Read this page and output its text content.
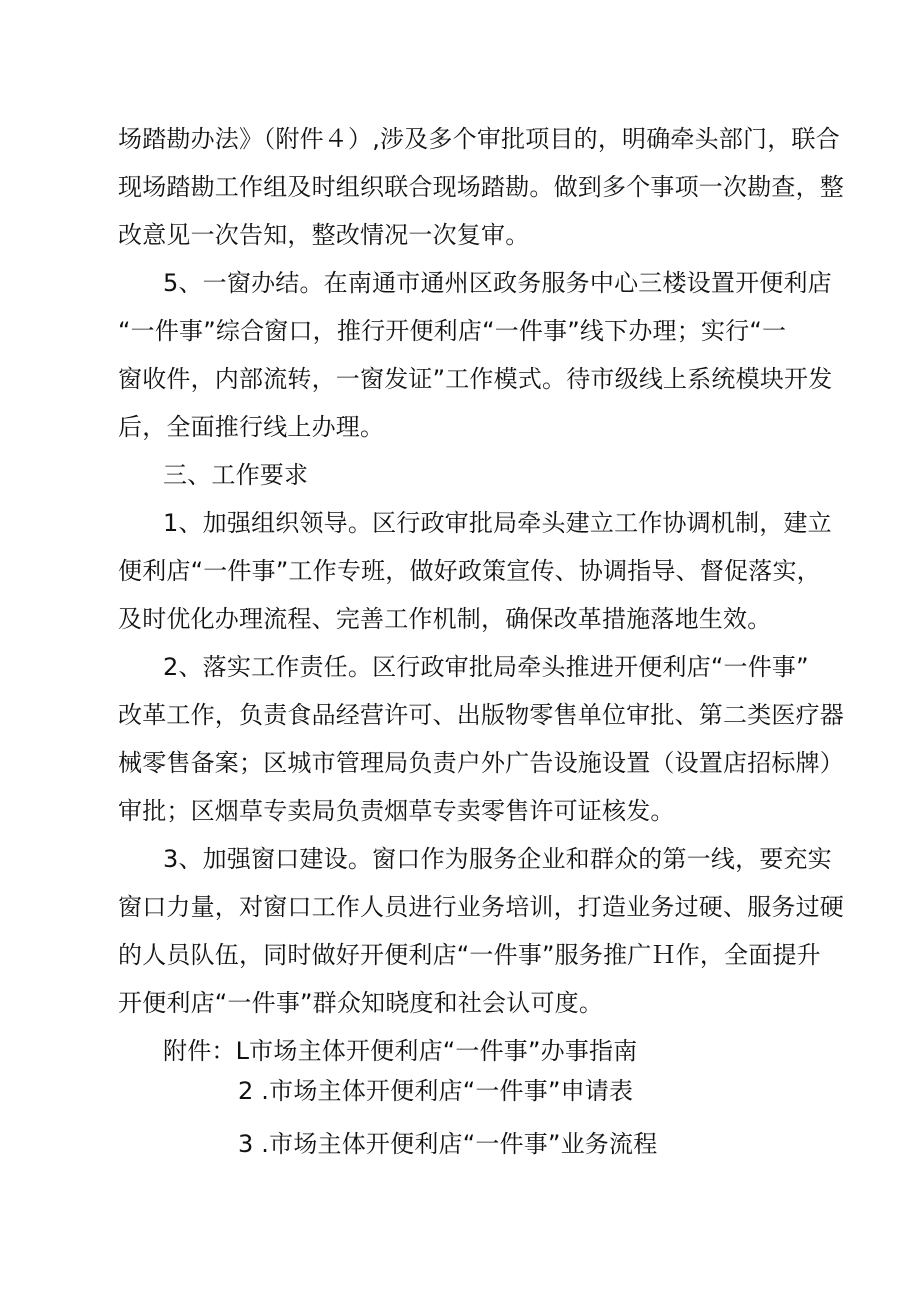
场踏勘办法》（附件４）,涉及多个审批项目的，明确牵头部门，联合
现场踏勘工作组及时组织联合现场踏勘。做到多个事项一次勘查，整
改意见一次告知，整改情况一次复审。
5、一窗办结。在南通市通州区政务服务中心三楼设置开便利店
“一件事”综合窗口，推行开便利店“一件事”线下办理；实行“一
窗收件，内部流转，一窗发证”工作模式。待市级线上系统模块开发
后，全面推行线上办理。
三、工作要求
1、加强组织领导。区行政审批局牵头建立工作协调机制，建立
便利店“一件事”工作专班，做好政策宣传、协调指导、督促落实，
及时优化办理流程、完善工作机制，确保改革措施落地生效。
2、落实工作责任。区行政审批局牵头推进开便利店“一件事”
改革工作，负责食品经营许可、出版物零售单位审批、第二类医疗器
械零售备案；区城市管理局负责户外广告设施设置（设置店招标牌）
审批；区烟草专卖局负责烟草专卖零售许可证核发。
3、加强窗口建设。窗口作为服务企业和群众的第一线，要充实
窗口力量，对窗口工作人员进行业务培训，打造业务过硬、服务过硬
的人员队伍，同时做好开便利店“一件事”服务推广Ｈ作，全面提升
开便利店“一件事”群众知晓度和社会认可度。
附件：L市场主体开便利店“一件事”办事指南
2 .市场主体开便利店“一件事”申请表
3 .市场主体开便利店“一件事”业务流程
